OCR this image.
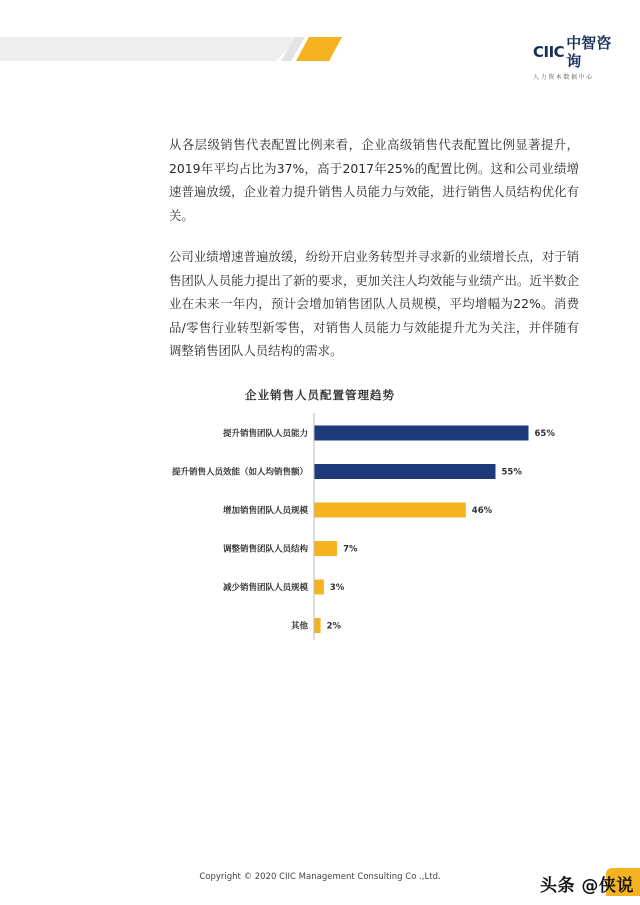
CIIC 中智咨询
人力资本数据中心

从各层级销售代表配置比例来看，企业高级销售代表配置比例显著提升，2019年平均占比为37%，高于2017年25%的配置比例。这和公司业绩增速普遍放缓，企业着力提升销售人员能力与效能，进行销售人员结构优化有关。

公司业绩增速普遍放缓，纷纷开启业务转型并寻求新的业绩增长点，对于销售团队人员能力提出了新的要求，更加关注人均效能与业绩产出。近半数企业在未来一年内，预计会增加销售团队人员规模，平均增幅为22%。消费品/零售行业转型新零售，对销售人员能力与效能提升尤为关注，并伴随有调整销售团队人员结构的需求。

企业销售人员配置管理趋势
提升销售团队人员能力	65%
提升销售人员效能（如人均销售额）	55%
增加销售团队人员规模	46%
调整销售团队人员结构	7%
减少销售团队人员规模	3%
其他 2%
Copyright © 2020 CIIC Management Consulting Co .,Ltd.	头条 @侠说
